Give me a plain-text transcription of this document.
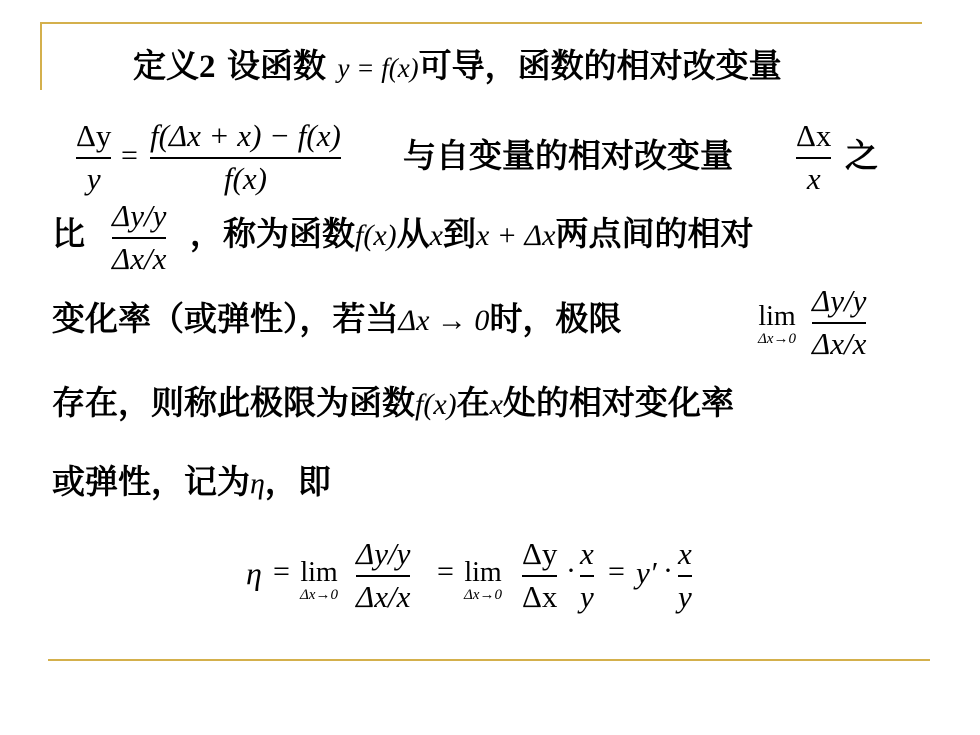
定义2 设函数 y = f(x)可导，函数的相对改变量
Δy
y
=
f(Δx + x) − f(x)
f(x)
与自变量的相对改变量
Δx
x
之
比 Δy/y
Δx/x
，称为函数f(x)从x到x + Δx两点间的相对
变化率（或弹性），若当Δx → 0时，极限	lim
Δx→0
Δy/y
Δx/x
存在，则称此极限为函数f(x)在x处的相对变化率
或弹性，记为η，即
η = lim
Δx→0
Δy/y
Δx/x
= lim
Δx→0
Δy
Δx
· x
y
= y′ · x
y
